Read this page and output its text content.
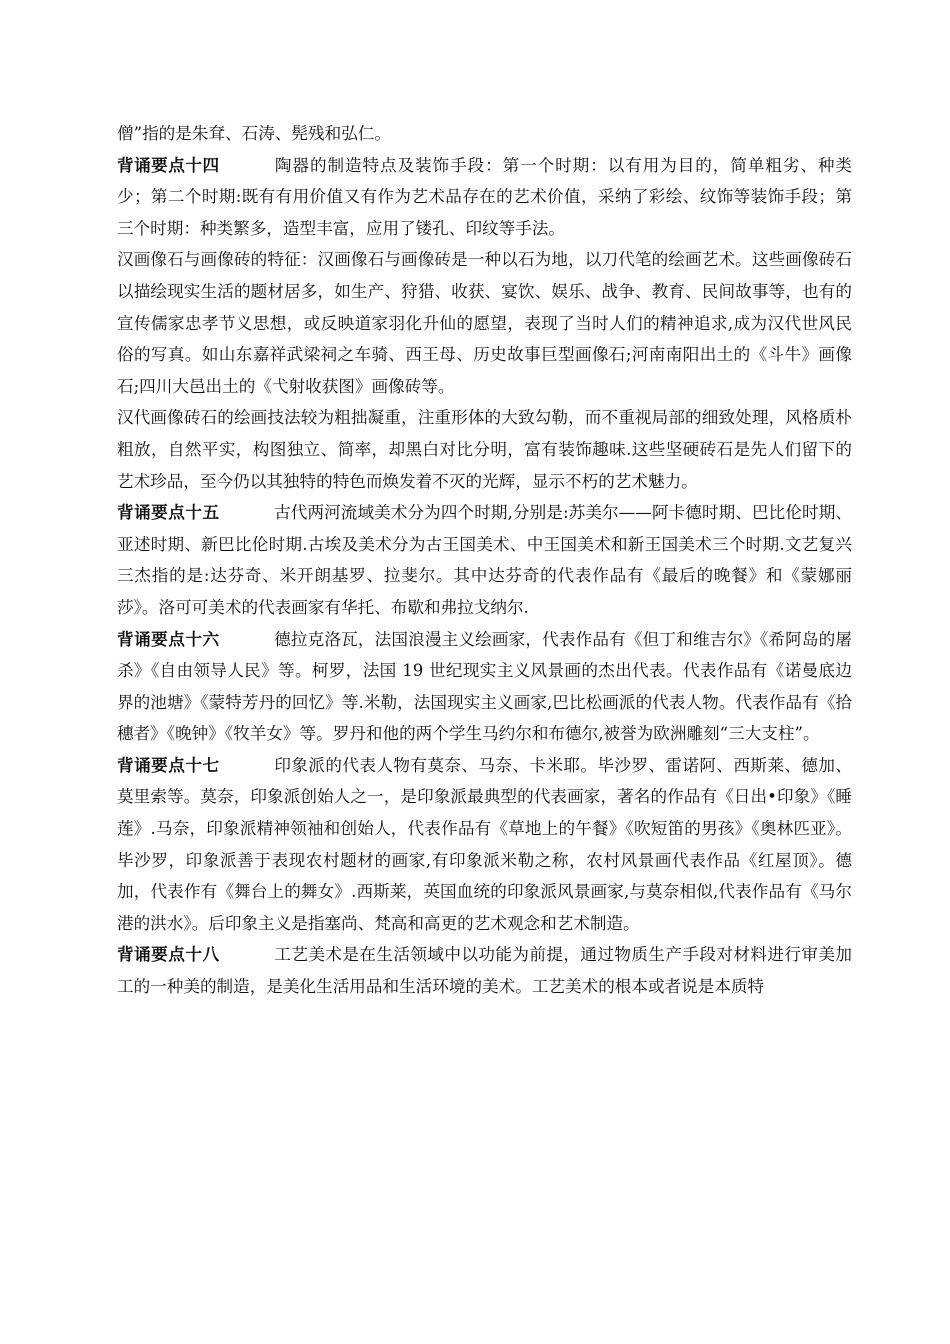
僧”指的是朱耷、石涛、髡残和弘仁。

背诵要点十四	陶器的制造特点及装饰手段：第一个时期：以有用为目的，简单粗劣、种类少；第二个时期:既有有用价值又有作为艺术品存在的艺术价值，采纳了彩绘、纹饰等装饰手段；第三个时期：种类繁多，造型丰富，应用了镂孔、印纹等手法。

汉画像石与画像砖的特征：汉画像石与画像砖是一种以石为地，以刀代笔的绘画艺术。这些画像砖石以描绘现实生活的题材居多，如生产、狩猎、收获、宴饮、娱乐、战争、教育、民间故事等，也有的宣传儒家忠孝节义思想，或反映道家羽化升仙的愿望，表现了当时人们的精神追求,成为汉代世风民俗的写真。如山东嘉祥武梁祠之车骑、西王母、历史故事巨型画像石;河南南阳出土的《斗牛》画像石;四川大邑出土的《弋射收获图》画像砖等。

汉代画像砖石的绘画技法较为粗拙凝重，注重形体的大致勾勒，而不重视局部的细致处理，风格质朴粗放，自然平实，构图独立、简率，却黑白对比分明，富有装饰趣味.这些坚硬砖石是先人们留下的艺术珍品，至今仍以其独特的特色而焕发着不灭的光辉，显示不朽的艺术魅力。

背诵要点十五	古代两河流域美术分为四个时期,分别是:苏美尔——阿卡德时期、巴比伦时期、亚述时期、新巴比伦时期.古埃及美术分为古王国美术、中王国美术和新王国美术三个时期.文艺复兴三杰指的是:达芬奇、米开朗基罗、拉斐尔。其中达芬奇的代表作品有《最后的晚餐》和《蒙娜丽莎》。洛可可美术的代表画家有华托、布歇和弗拉戈纳尔.

背诵要点十六	德拉克洛瓦，法国浪漫主义绘画家，代表作品有《但丁和维吉尔》《希阿岛的屠杀》《自由领导人民》等。柯罗，法国 19 世纪现实主义风景画的杰出代表。代表作品有《诺曼底边界的池塘》《蒙特芳丹的回忆》等.米勒，法国现实主义画家,巴比松画派的代表人物。代表作品有《拾穗者》《晚钟》《牧羊女》等。罗丹和他的两个学生马约尔和布德尔,被誉为欧洲雕刻“三大支柱”。

背诵要点十七	印象派的代表人物有莫奈、马奈、卡米耶。毕沙罗、雷诺阿、西斯莱、德加、莫里索等。莫奈，印象派创始人之一，是印象派最典型的代表画家，著名的作品有《日出•印象》《睡莲》.马奈，印象派精神领袖和创始人，代表作品有《草地上的午餐》《吹短笛的男孩》《奥林匹亚》。毕沙罗，印象派善于表现农村题材的画家,有印象派米勒之称，农村风景画代表作品《红屋顶》。德加，代表作有《舞台上的舞女》.西斯莱，英国血统的印象派风景画家,与莫奈相似,代表作品有《马尔港的洪水》。后印象主义是指塞尚、梵高和高更的艺术观念和艺术制造。

背诵要点十八	工艺美术是在生活领域中以功能为前提，通过物质生产手段对材料进行审美加工的一种美的制造，是美化生活用品和生活环境的美术。工艺美术的根本或者说是本质特
